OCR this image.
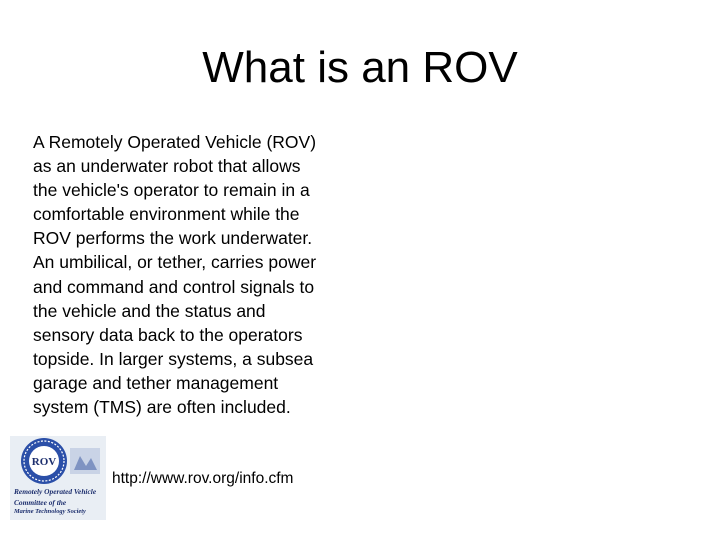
What is an ROV
A Remotely Operated Vehicle (ROV)
as an underwater robot that allows
the vehicle's operator to remain in a
comfortable environment while the
ROV performs the work underwater.
An umbilical, or tether, carries power
and command and control signals to
the vehicle and the status and
sensory data back to the operators
topside. In larger systems, a subsea
garage and tether management
system (TMS) are often included.
ROV
Remotely Operated Vehicle
Committee of the
Marine Technology Society
http://www.rov.org/info.cfm
